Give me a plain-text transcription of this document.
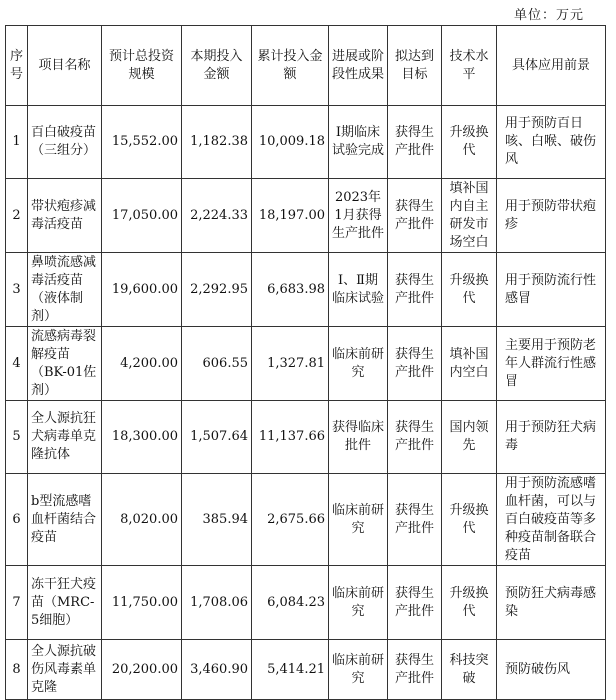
单位：万元
序号	项目名称	预计总投资规模	本期投入金额	累计投入金额	进展或阶段性成果	拟达到目标	技术水平	具体应用前景
1	百白破疫苗（三组分）	15,552.00	1,182.38	10,009.18	Ⅰ期临床试验完成	获得生产批件	升级换代	用于预防百日咳、白喉、破伤风
2	带状疱疹减毒活疫苗	17,050.00	2,224.33	18,197.00	2023年1月获得生产批件	获得生产批件	填补国内自主研发市场空白	用于预防带状疱疹
3	鼻喷流感减毒活疫苗（液体制剂）	19,600.00	2,292.95	6,683.98	Ⅰ、Ⅱ期临床试验	获得生产批件	升级换代	用于预防流行性感冒
4	流感病毒裂解疫苗（BK-01佐剂）	4,200.00	606.55	1,327.81	临床前研究	获得生产批件	填补国内空白	主要用于预防老年人群流行性感冒
5	全人源抗狂犬病毒单克隆抗体	18,300.00	1,507.64	11,137.66	获得临床批件	获得生产批件	国内领先	用于预防狂犬病毒
6	b型流感嗜血杆菌结合疫苗	8,020.00	385.94	2,675.66	临床前研究	获得生产批件	升级换代	用于预防流感嗜血杆菌，可以与百白破疫苗等多种疫苗制备联合疫苗
7	冻干狂犬疫苗（MRC-5细胞）	11,750.00	1,708.06	6,084.23	临床前研究	获得生产批件	升级换代	预防狂犬病毒感染
8	全人源抗破伤风毒素单克隆	20,200.00	3,460.90	5,414.21	临床前研究	获得生产批件	科技突破	预防破伤风
